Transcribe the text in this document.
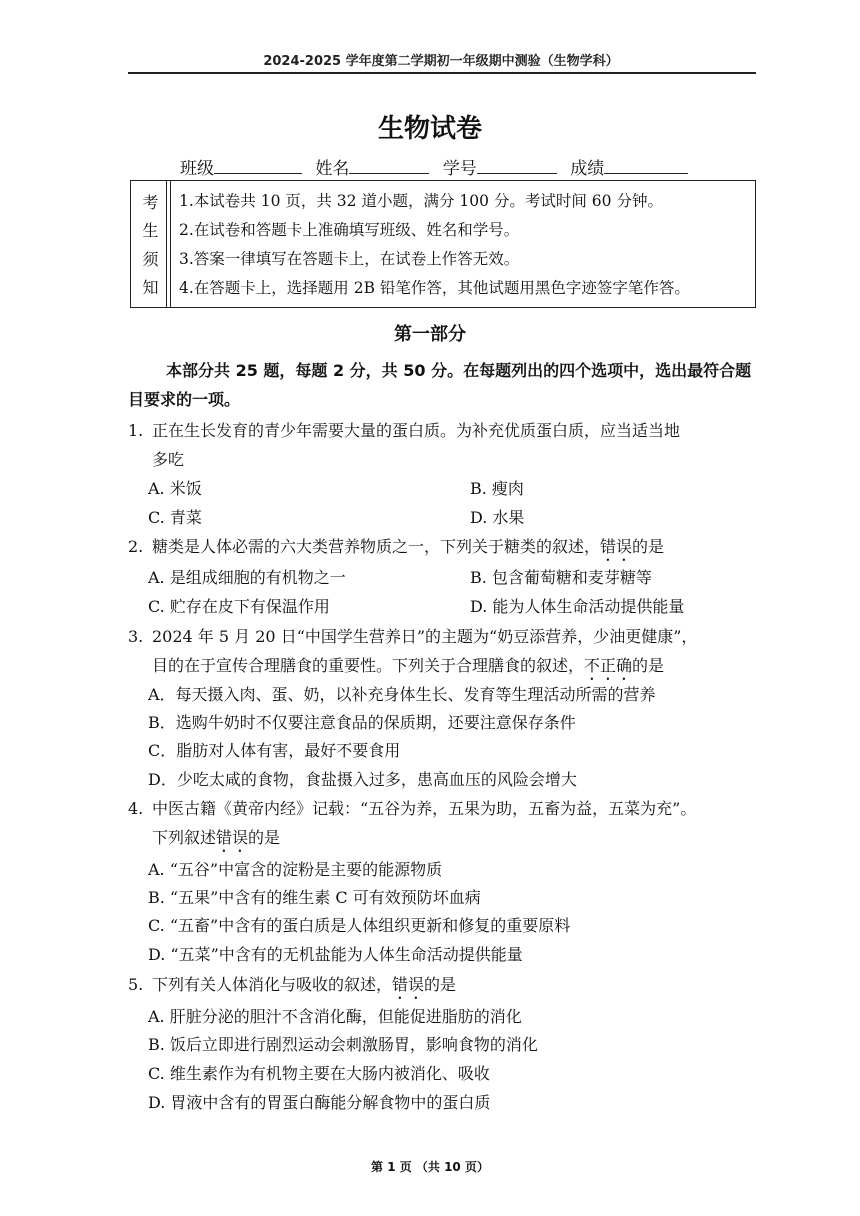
2024-2025 学年度第二学期初一年级期中测验（生物学科）
生物试卷
班级	姓名	学号	成绩
考
生
须
知
1.本试卷共 10 页，共 32 道小题，满分 100 分。考试时间 60 分钟。
2.在试卷和答题卡上准确填写班级、姓名和学号。
3.答案一律填写在答题卡上，在试卷上作答无效。
4.在答题卡上，选择题用 2B 铅笔作答，其他试题用黑色字迹签字笔作答。
第一部分
本部分共 25 题，每题 2 分，共 50 分。在每题列出的四个选项中，选出最符合题目要求的一项。
1. 正在生长发育的青少年需要大量的蛋白质。为补充优质蛋白质，应当适当地
多吃
A. 米饭	B. 瘦肉
C. 青菜	D. 水果
2. 糖类是人体必需的六大类营养物质之一，下列关于糖类的叙述，错误的是
A. 是组成细胞的有机物之一	B. 包含葡萄糖和麦芽糖等
C. 贮存在皮下有保温作用	D. 能为人体生命活动提供能量
3. 2024 年 5 月 20 日“中国学生营养日”的主题为“奶豆添营养，少油更健康”，
目的在于宣传合理膳食的重要性。下列关于合理膳食的叙述，不正确的是
A．每天摄入肉、蛋、奶，以补充身体生长、发育等生理活动所需的营养
B．选购牛奶时不仅要注意食品的保质期，还要注意保存条件
C．脂肪对人体有害，最好不要食用
D．少吃太咸的食物，食盐摄入过多，患高血压的风险会增大
4. 中医古籍《黄帝内经》记载：“五谷为养，五果为助，五畜为益，五菜为充”。
下列叙述错误的是
A. “五谷”中富含的淀粉是主要的能源物质
B. “五果”中含有的维生素 C 可有效预防坏血病
C. “五畜”中含有的蛋白质是人体组织更新和修复的重要原料
D. “五菜”中含有的无机盐能为人体生命活动提供能量
5. 下列有关人体消化与吸收的叙述，错误的是
A. 肝脏分泌的胆汁不含消化酶，但能促进脂肪的消化
B. 饭后立即进行剧烈运动会刺激肠胃，影响食物的消化
C. 维生素作为有机物主要在大肠内被消化、吸收
D. 胃液中含有的胃蛋白酶能分解食物中的蛋白质
第 1 页 （共 10 页）
